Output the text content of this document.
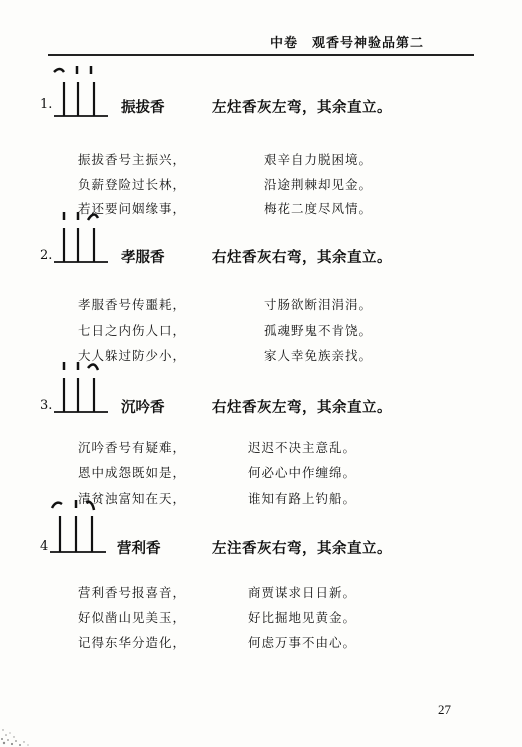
中卷　观香号神验品第二
1.	振拔香	左炷香灰左弯，其余直立。
振拔香号主振兴，	艰辛自力脱困境。
负薪登险过长林，	沿途荆棘却见金。
若还要问姻缘事，	梅花二度尽风情。
2.	孝服香	右炷香灰右弯，其余直立。
孝服香号传噩耗，	寸肠欲断泪涓涓。
七日之内伤人口，	孤魂野鬼不肯饶。
大人躲过防少小，	家人幸免族亲找。
3.	沉吟香	右炷香灰左弯，其余直立。
沉吟香号有疑难，	迟迟不决主意乱。
恩中成怨既如是，	何必心中作缠绵。
清贫浊富知在天，	谁知有路上钓船。
4	营利香	左注香灰右弯，其余直立。
营利香号报喜音，	商贾谋求日日新。
好似凿山见美玉，	好比掘地见黄金。
记得东华分造化，	何虑万事不由心。
27
